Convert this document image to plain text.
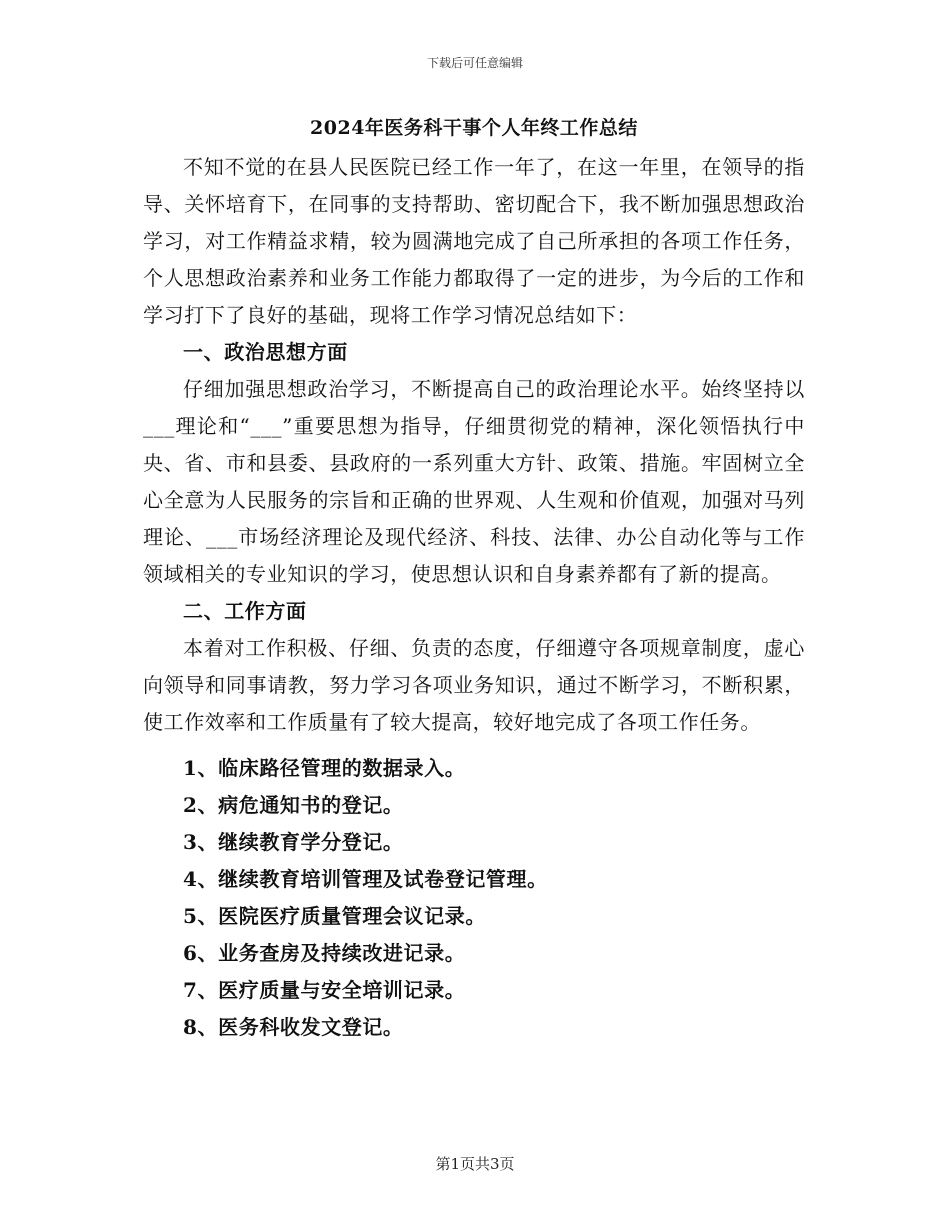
下载后可任意编辑
2024年医务科干事个人年终工作总结

不知不觉的在县人民医院已经工作一年了，在这一年里，在领导的指导、关怀培育下，在同事的支持帮助、密切配合下，我不断加强思想政治学习，对工作精益求精，较为圆满地完成了自己所承担的各项工作任务，个人思想政治素养和业务工作能力都取得了一定的进步，为今后的工作和学习打下了良好的基础，现将工作学习情况总结如下：

一、政治思想方面

仔细加强思想政治学习，不断提高自己的政治理论水平。始终坚持以___理论和“___”重要思想为指导，仔细贯彻党的精神，深化领悟执行中央、省、市和县委、县政府的一系列重大方针、政策、措施。牢固树立全心全意为人民服务的宗旨和正确的世界观、人生观和价值观，加强对马列理论、___市场经济理论及现代经济、科技、法律、办公自动化等与工作领域相关的专业知识的学习，使思想认识和自身素养都有了新的提高。

二、工作方面

本着对工作积极、仔细、负责的态度，仔细遵守各项规章制度，虚心向领导和同事请教，努力学习各项业务知识，通过不断学习，不断积累，使工作效率和工作质量有了较大提高，较好地完成了各项工作任务。

1、临床路径管理的数据录入。
2、病危通知书的登记。
3、继续教育学分登记。
4、继续教育培训管理及试卷登记管理。
5、医院医疗质量管理会议记录。
6、业务查房及持续改进记录。
7、医疗质量与安全培训记录。
8、医务科收发文登记。
第1页共3页
